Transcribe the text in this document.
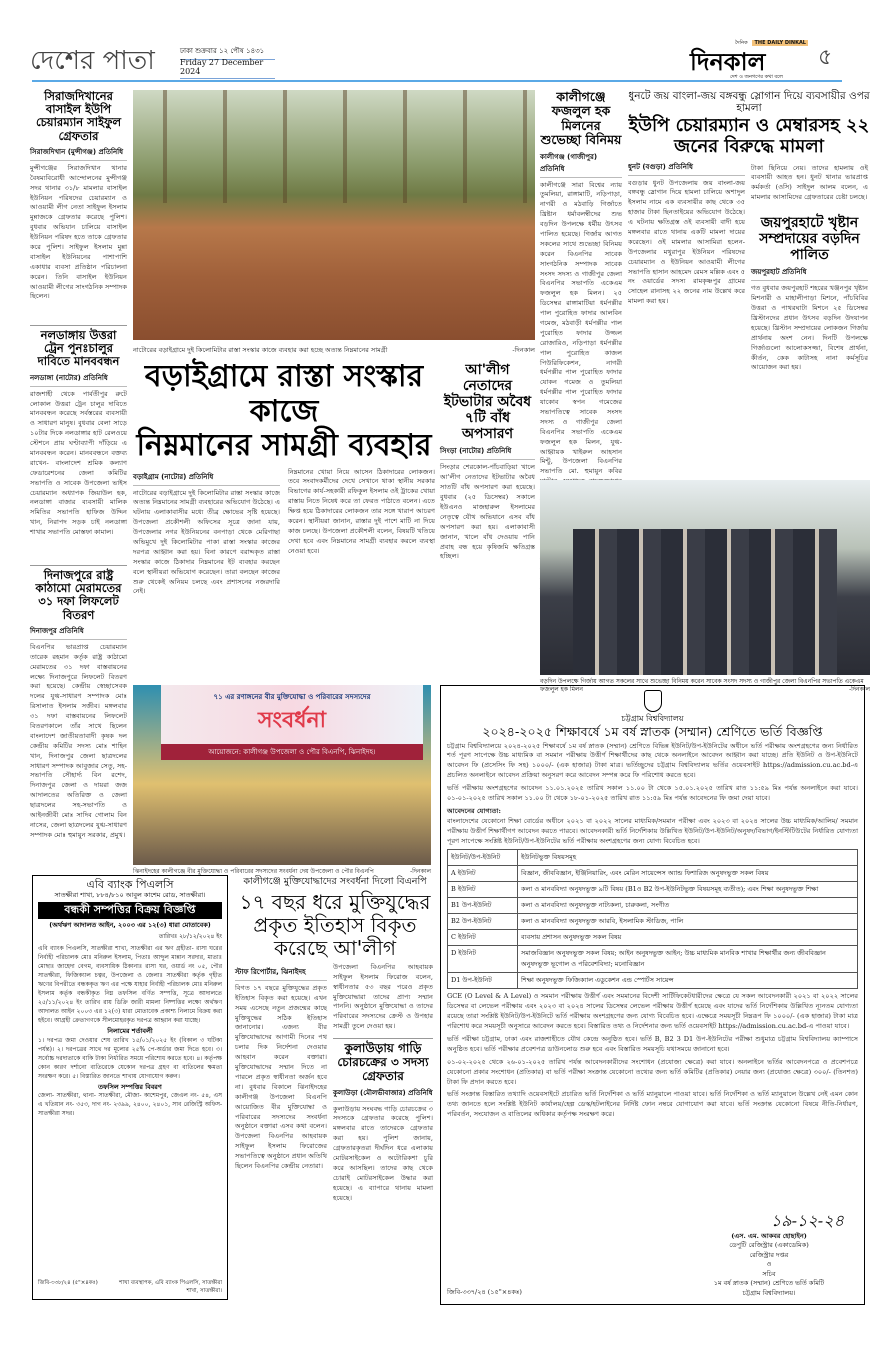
দেশের পাতা	ঢাকা শুক্রবার ১২ পৌষ ১৪৩১
Friday 27 December 2024
দৈনিক	THE DAILY DINKAL
দিনকাল
দেশ ও জনগণের কথা বলে
৫
সিরাজদিখানের বাসাইল ইউপি চেয়ারম্যান সাইফুল গ্রেফতার
সিরাজদিখান (মুন্সীগঞ্জ) প্রতিনিধি
মুন্সীগঞ্জের সিরাজদিখান থানার বৈষম্যবিরোধী আন্দোলনের মুন্সীগঞ্জ সদর থানার ৩১/৮ মামলার বাসাইল ইউনিয়ন পরিষদের চেয়ারম্যান ও আওয়ামী লীগ নেতা সাইফুল ইসলাম মুন্নাজকে গ্রেফতার করেছে পুলিশ। বুধবার অভিযান চালিয়ে বাসাইল ইউনিয়ন পরিষদ হতে তাকে গ্রেফতার করে পুলিশ। সাইফুল ইসলাম মুন্না বাসাইল ইউনিয়নের পাশাপাশি একাধার ব্যবসা প্রতিষ্ঠান পরিচালনা করেন। তিনি বাসাইল ইউনিয়ন আওয়ামী লীগের সাংগঠনিক সম্পাদক ছিলেন।
নলডাঙ্গায় উত্তরা ট্রেন পুনঃচালুর দাবিতে মানববন্ধন
নলডাঙ্গা (নাটোর) প্রতিনিধি
রাজশাহী থেকে পার্বতীপুর রুটে লোকাল উত্তরা ট্রেন চালুর দাবিতে মানববন্ধন করেছে সর্বস্তরের ব্যবসায়ী ও সাধারণ মানুষ। বুধবার বেলা সাড়ে ১০টার দিকে নলডাঙ্গার হাট রেলওয়ে স্টেশনে প্রায় ঘণ্টাব্যাপী দাঁড়িয়ে এ মানববন্ধন করেন। মানববন্ধনে বক্তব্য রাখেন- বাংলাদেশ শ্রমিক কল্যাণ ফেডারেশনের জেলা কমিটির সভাপতি ও সাবেক উপজেলা ভাইস চেয়ারম্যান অধ্যাপক জিয়াউল হক, নলডাঙ্গা বাজার ব্যবসায়ী মালিক সমিতির সভাপতি হাফিজ উদ্দিন খান, নিরাপদ সড়ক চাই নলডাঙ্গা শাখার সভাপতি মোস্তফা কামাল।
দিনাজপুরে রাষ্ট্র কাঠামো মেরামতের ৩১ দফা লিফলেট বিতরণ
দিনাজপুর প্রতিনিধি
বিএনপির ভারপ্রাপ্ত চেয়ারম্যান তারেক রহমান কর্তৃক রাষ্ট্র কাঠামো মেরামতের ৩১ দফা বাস্তবায়নের লক্ষ্যে দিনাজপুরে লিফলেট বিতরণ করা হয়েছে। কেন্দ্রীয় স্বেচ্ছাসেবক দলের যুগ্ম-সাধারণ সম্পাদক মোঃ রিসালাত ইসলাম সজীব। মঙ্গলবার ৩১ দফা বাস্তবায়নের লিফলেট বিতরণকালে তাঁর সাথে ছিলেন বাংলাদেশ জাতীয়তাবাদী কৃষক দল কেন্দ্রীয় কমিটির সদস্য মোঃ শাহিন খান, দিনাজপুর জেলা ছাত্রদলের সাধারণ সম্পাদক আবুজার সেতু, সহ-সভাপতি সৌহার্দ্য বিন রশেদ, দিনাজপুর জেলা ও দায়রা জজ আদালতের অতিরিক্ত ও জেলা ছাত্রদলের সহ-সভাপতি ও আইনজীবী মোঃ সাদিব গোলাম বিন নাসের, জেলা ছাত্রদলের যুগ্ম-সাধারণ সম্পাদক মোঃ হুমায়ুন সরকার, প্রমুখ।
নাটোরের বড়াইগ্রামে দুই কিলোমিটার রাস্তা সংস্কার কাজে ব্যবহার করা হচ্ছে অত্যন্ত নিম্নমানের সামগ্রী	-দিনকাল
বড়াইগ্রামে রাস্তা সংস্কার কাজে
নিম্নমানের সামগ্রী ব্যবহার
বড়াইগ্রাম (নাটোর) প্রতিনিধি
নাটোরের বড়াইগ্রামে দুই কিলোমিটার রাস্তা সংস্কার কাজে অত্যন্ত নিম্নমানের সামগ্রী ব্যবহারের অভিযোগ উঠেছে। এ ঘটনায় এলাকাবাসীর মধ্যে তীব্র ক্ষোভের সৃষ্টি হয়েছে। উপজেলা প্রকৌশলী অফিসের সূত্রে জানা যায়, উপজেলার নগর ইউনিয়নের বনপাড়া থেকে মেরিগাছা অভিমুখে দুই কিলোমিটার পাকা রাস্তা সংস্কার কাজের দরপত্র আহ্বান করা হয়। বিনা কারণে বরাদ্দকৃত রাস্তা সংস্কার কাজে ঠিকাদার নিম্নমানের ইট ব্যবহার করছেন বলে স্থানীয়রা অভিযোগ করেছেন। তারা বলছেন কাজের শুরু থেকেই অনিয়ম চলছে এবং প্রশাসনের নজরদারি নেই।
নিম্নমানের খোয়া নিয়ে আসেন ঠিকাদারের লোকজন। তবে সংবাদকর্মীদের দেখে সেখানে থাকা স্থানীয় সরকার বিভাগের কার্য-সহকারী রফিকুল ইসলাম ওই ট্রাকের খোয়া রাস্তায় নিতে নিষেধ করে তা ফেরত পাঠাতে বলেন। এতে ক্ষিপ্ত হয়ে ঠিকাদারের লোকজন তার সঙ্গে খারাপ আচরণ করেন। স্থানীয়রা জানান, রাস্তার দুই পাশে মাটি না দিয়ে কাজ চলছে। উপজেলা প্রকৌশলী বলেন, বিষয়টি খতিয়ে দেখা হবে এবং নিম্নমানের সামগ্রী ব্যবহার করলে ব্যবস্থা নেওয়া হবে।
আ'লীগ নেতাদের ইটভাটার অবৈধ ৭টি বাঁধ অপসারণ
সিংড়া (নাটোর) প্রতিনিধি
সিংড়ার শেরকোল-পাঁচবাড়িয়া খালে আ'লীগ নেতাদের ইটভাটার অবৈধ সাতটি বাঁধ অপসারণ করা হয়েছে। বুধবার (২৫ ডিসেম্বর) সকালে ইউএনও মাজহারুল ইসলামের নেতৃত্বে যৌথ অভিযানে এসব বাঁধ অপসারণ করা হয়। এলাকাবাসী জানান, খালে বাঁধ দেওয়ায় পানি প্রবাহ বন্ধ হয়ে কৃষিজমি ক্ষতিগ্রস্ত হচ্ছিল।
কালীগঞ্জে ফজলুল হক মিলনের শুভেচ্ছা বিনিময়
কালীগঞ্জ (গাজীপুর) প্রতিনিধি
কালীগঞ্জে সারা বিশ্বের ন্যায় তুমলিয়া, রাঙ্গামাটি, নড়িপাড়া, নাগরী ও মঠবাড়ি গির্জাতে খ্রিষ্টান ধর্মাবলম্বীদের শুভ বড়দিন উপলক্ষে ধর্মীয় উৎসব পালিত হয়েছে। গির্জায় আগত সকলের সাথে শুভেচ্ছা বিনিময় করেন বিএনপির সাবেক সাংগঠনিক সম্পাদক সাবেক সংসদ সদস্য ও গাজীপুর জেলা বিএনপির সভাপতি একেএম ফজলুল হক মিলন। ২৫ ডিসেম্বর রাঙ্গামাটিয়া ধর্মপল্লীর পাল পুরোহিত ফাদার আলবিন গমেজ, মঠবাড়ী ধর্মপল্লীর পাল পুরোহিত ফাদার উজ্জল রোজারিও, নড়িপাড়া ধর্মপল্লীর পাল পুরোহিত কাজল পিউরিফিকেশন, নাগরী ধর্মপল্লীর পাল পুরোহিত ফাদার যোকন গমেজ ও তুমলিয়া ধর্মপল্লীর পাল পুরোহিত ফাদার যাকোব স্বপন গমেজের সভাপতিত্বে সাবেক সংসদ সদস্য ও গাজীপুর জেলা বিএনপির সভাপতি একেএম ফজলুল হক মিলন, যুগ্ম-আহ্বায়ক খাইরুল আহসান মিন্টু, উপজেলা বিএনপির সভাপতি মো. হুমায়ুন কবির
ধুনটে জয় বাংলা-জয় বঙ্গবন্ধু স্লোগান দিয়ে ব্যবসায়ীর ওপর হামলা
ইউপি চেয়ারম্যান ও মেম্বারসহ ২২ জনের বিরুদ্ধে মামলা
ধুনট (বগুড়া) প্রতিনিধি
বগুড়ার ধুনট উপজেলায় জয় বাংলা-জয় বঙ্গবন্ধু স্লোগান দিয়ে হামলা চালিয়ে অশাদুল ইসলাম নামে এক ব্যবসায়ীর কাছ থেকে ৩৫ হাজার টাকা ছিনতাইয়ের অভিযোগ উঠেছে। এ ঘটনায় ক্ষতিগ্রস্ত ওই ব্যবসায়ী বাদী হয়ে মঙ্গলবার রাতে থানায় একটি মামলা দায়ের করেছেন। ওই মামলার আসামিরা হলেন- উপজেলার মথুরাপুর ইউনিয়ন পরিষদের চেয়ারম্যান ও ইউনিয়ন আওয়ামী লীগের সভাপতি হাসান আহমেদ রেমস মল্লিক এবং ৫ নং ওয়ার্ডের সদস্য রামকৃষ্ণপুর গ্রামের সোহেল রানাসহ ২২ জনের নাম উল্লেখ করে মামলা করা হয়।
টাকা ছিনিয়ে নেয়। তাদের হামলায় ওই ব্যবসায়ী আহত হন। ধুনট থানার ভারপ্রাপ্ত কর্মকর্তা (ওসি) সাইদুল আলম বলেন, এ মামলার আসামিদের গ্রেফতারের চেষ্টা চলছে।
জয়পুরহাটে খৃষ্টান সম্প্রদায়ের বড়দিন পালিত
জয়পুরহাট প্রতিনিধি
গত বুধবার জয়পুরহাট শহরের খঞ্জনপুর খৃষ্টান মিশনারী ও মাহালীপাড়া মিশনে, পাঁচবিবির উত্তরা ও পাথরঘাটা মিশনে ২৫ ডিসেম্বর খ্রিস্টানদের প্রধান উৎসব বড়দিন উদযাপন হয়েছে। খ্রিস্টান সম্প্রদায়ের লোকজন গির্জায় প্রার্থনায় অংশ নেন। দিনটি উপলক্ষে গির্জাগুলো আলোকসজ্জা, বিশেষ প্রার্থনা, কীর্তন, কেক কাটাসহ নানা কর্মসূচির আয়োজন করা হয়।
বড়দিন উপলক্ষে গির্জায় আগত সকলের সাথে শুভেচ্ছা বিনিময় করেন সাবেক সংসদ সদস্য ও গাজীপুর জেলা বিএনপির সভাপতি একেএম ফজলুল হক মিলন	-দিনকাল
৭১ এর রণাঙ্গনের বীর মুক্তিযোদ্ধা ও পরিবারের সদস্যদের
সংবর্ধনা
আয়োজনে: কালীগঞ্জ উপজেলা ও পৌর বিএনপি, ঝিনাইদহ।
ঝিনাইদহের কালীগঞ্জে বীর মুক্তিযোদ্ধা ও পরিবারের সদস্যদের সংবর্ধনা দেয় উপজেলা ও পৌর বিএনপি	-দিনকাল
চট্টগ্রাম বিশ্ববিদ্যালয়
২০২৪-২০২৫ শিক্ষাবর্ষে ১ম বর্ষ স্নাতক (সম্মান) শ্রেণিতে ভর্তি বিজ্ঞপ্তি
চট্টগ্রাম বিশ্ববিদ্যালয়ে ২০২৪-২০২৫ শিক্ষাবর্ষে ১ম বর্ষ স্নাতক (সম্মান) শ্রেণিতে বিভিন্ন ইউনিট/উপ-ইউনিটের অধীনে ভর্তি পরীক্ষায় অংশগ্রহণের জন্য নির্ধারিত শর্ত পূরণ সাপেক্ষে উচ্চ মাধ্যমিক বা সমমান পরীক্ষায় উত্তীর্ণ শিক্ষার্থীদের কাছ থেকে অনলাইনে আবেদন আহ্বান করা যাচ্ছে। প্রতি ইউনিট ও উপ-ইউনিটে আবেদন ফি (প্রসেসিং ফি সহ) ১০০০/- (এক হাজার) টাকা মাত্র। ভর্তিচ্ছুদের চট্টগ্রাম বিশ্ববিদ্যালয় ভর্তির ওয়েবসাইট https://admission.cu.ac.bd-এ প্রচলিত অনলাইনে আবেদন প্রক্রিয়া অনুসরণ করে আবেদন সম্পন্ন করে ফি পরিশোধ করতে হবে।
ভর্তি পরীক্ষায় অংশগ্রহণের আবেদন ১১.০১.২০২৫ তারিখ সকাল ১১.০০ টা থেকে ১৫.০১.২০২৫ তারিখ রাত ১১:৫৯ মিঃ পর্যন্ত অনলাইনে করা যাবে। ০১-০১-২০২৫ তারিখ সকাল ১১.০০ টা থেকে ১৮-০১-২০২৫ তারিখ রাত ১১:৫৯ মিঃ পর্যন্ত আবেদনের ফি জমা দেয়া যাবে।
আবেদনের যোগ্যতা:
বাংলাদেশের যেকোনো শিক্ষা বোর্ডের অধীনে ২০২১ বা ২০২২ সালের মাধ্যমিক/সমমান পরীক্ষা এবং ২০২৩ বা ২০২৪ সালের উচ্চ মাধ্যমিক/আলিম/ সমমান পরীক্ষায় উত্তীর্ণ শিক্ষার্থীগণ আবেদন করতে পারবে। আবেদনকারী ভর্তি নির্দেশিকায় উল্লিখিত ইউনিট/উপ-ইউনিট/অনুষদ/বিভাগ/ইনস্টিটিউটের নির্ধারিত যোগ্যতা পূরণ সাপেক্ষে সংশ্লিষ্ট ইউনিট/উপ-ইউনিটের ভর্তি পরীক্ষায় অংশগ্রহণের জন্য যোগ্য বিবেচিত হবে।
ইউনিট/উপ-ইউনিট	ইউনিটভুক্ত বিষয়সমূহ
A ইউনিট	বিজ্ঞান, জীববিজ্ঞান, ইঞ্জিনিয়ারিং, এবং মেরিন সায়েন্সেস অ্যান্ড ফিশারিজ অনুষদভুক্ত সকল বিষয়
B ইউনিট	কলা ও মানববিদ্যা অনুষদভুক্ত ৯টি বিষয় (B1ও B2 উপ-ইউনিটভুক্ত বিষয়সমূহ ব্যতীত); এবং শিক্ষা অনুষদভুক্ত শিক্ষা
B1 উপ-ইউনিট	কলা ও মানববিদ্যা অনুষদভুক্ত নাট্যকলা, চারুকলা, সংগীত
B2 উপ-ইউনিট	কলা ও মানববিদ্যা অনুষদভুক্ত আরবি, ইসলামিক স্টাডিজ, পালি
C ইউনিট	ব্যবসায় প্রশাসন অনুষদভুক্ত সকল বিষয়
D ইউনিট	সমাজবিজ্ঞান অনুষদভুক্ত সকল বিষয়; আইন অনুষদভুক্ত আইন; উচ্চ মাধ্যমিক মানবিক শাখার শিক্ষার্থীর জন্য জীববিজ্ঞান অনুষদভুক্ত ভূগোল ও পরিবেশবিদ্যা; মনোবিজ্ঞান
D1 উপ-ইউনিট	শিক্ষা অনুষদভুক্ত ফিজিক্যাল এডুকেশন এন্ড স্পোর্টস সায়েন্স
GCE (O Level & A Level) ও সমমান পরীক্ষায় উত্তীর্ণ এবং সমমানের বিদেশী সার্টিফিকেটধারীদের ক্ষেত্রে যে সকল আবেদনকারী ২০২১ বা ২০২২ সালের ডিসেম্বর বা লেভেল পরীক্ষায় এবং ২০২৩ বা ২০২৪ সালের ডিসেম্বর লেভেল পরীক্ষায় উত্তীর্ণ হয়েছে এবং যাদের ভর্তি নির্দেশিকায় উল্লিখিত ন্যূনতম যোগ্যতা রয়েছে তারা সংশ্লিষ্ট ইউনিট/উপ-ইউনিটে ভর্তি পরীক্ষায় অংশগ্রহণের জন্য যোগ্য বিবেচিত হবে। এক্ষেত্রে সময়সূচী নিম্নরূপ ফি ১০০০/- (এক হাজার) টাকা মাত্র পরিশোধ করে সময়সূচী অনুসারে আবেদন করতে হবে। বিস্তারিত তথ্য ও নির্দেশনার জন্য ভর্তি ওয়েবসাইট https://admission.cu.ac.bd-এ পাওয়া যাবে।
ভর্তি পরীক্ষা চট্টগ্রাম, ঢাকা এবং রাজশাহীতে যৌথ কেন্দ্রে অনুষ্ঠিত হবে। ভর্তি B, B2 3 D1 উপ-ইউনিটের পরীক্ষা শুধুমাত্র চট্টগ্রাম বিশ্ববিদ্যালয় ক্যাম্পাসে অনুষ্ঠিত হবে। ভর্তি পরীক্ষার প্রবেশপত্র ডাউনলোড শুরু হবে এবং বিস্তারিত সময়সূচি যথাসময়ে জানানো হবে।
০১-০২-২০২৫ থেকে ২৬-০১-২০২৫ তারিখ পর্যন্ত আবেদনকারীদের সংশোধন (প্রযোজ্য ক্ষেত্রে) করা যাবে। অনলাইনে ভর্তির আবেদনপত্রে ও প্রবেশপত্রে যেকোনো প্রকার সংশোধন (প্রতিকার) বা ভর্তি পরীক্ষা সংক্রান্ত যেকোনো তথ্যের জন্য ভর্তি কমিটির (প্রতিকার) নেয়ার জন্য (প্রযোজ্য ক্ষেত্রে) ৩০০/- (তিনশত) টাকা ফি প্রদান করতে হবে।
ভর্তি সংক্রান্ত বিস্তারিত তথ্যাদি ওয়েবসাইটে প্রচারিত ভর্তি নির্দেশিকা ও ভর্তি ম্যানুয়ালে পাওয়া যাবে। ভর্তি নির্দেশিকা ও ভর্তি ম্যানুয়ালে উল্লেখ নেই এমন কোন তথ্য জানতে হলে সংশ্লিষ্ট ইউনিট কার্যালয়/হেল্প ডেস্ক/হটলাইনের নির্দিষ্ট ফোন নম্বরে যোগাযোগ করা যাবে। ভর্তি সংক্রান্ত যেকোনো বিষয়ে নীতি-নির্ধারণ, পরিবর্তন, সংযোজন ও বাতিলের অধিকার কর্তৃপক্ষ সংরক্ষণ করে।
১৯-১২-২৪
(এস. এম. আকবর হোছাইন)
ডেপুটি রেজিস্ট্রার (একাডেমিক)
রেজিস্ট্রার দপ্তর
ও
সচিব
১ম বর্ষ স্নাতক (সম্মান) শ্রেণিতে ভর্তি কমিটি
চট্টগ্রাম বিশ্ববিদ্যালয়।
জিবি-৩৩৭/২৪ (১৫"×৪কঃ)
এবি ব্যাংক পিএলসি
সাতক্ষীরা শাখা, ৮৮৪/৮১০ আবুল কাশেম রোড, সাতক্ষীরা।
বন্ধকী সম্পত্তির বিক্রয় বিজ্ঞপ্তি
(অর্থঋণ আদালত আইন, ২০০৩ এর ১২(৩) ধারা মোতাবেক)
তারিখঃ ২৮/১২/২০২৪ ইং
এবি ব্যাংক পিএলসি, সাতক্ষীরা শাখা, সাতক্ষীরা এর ঋণ গ্রহীতা- রাসা ঘরের নির্বাহী পরিচালক মোঃ মনিরুল ইসলাম, পিতাঃ আব্দুল মান্নান সরদার, মাতাঃ মোছাঃ জাহেদা বেগম, ব্যবসায়িক ঠিকানাঃ রাসা ঘর, ওয়ার্ড নং ০৫, পৌর সাতক্ষীরা, ফিজিক্যাল চত্বর, উপজেলা ও জেলাঃ সাতক্ষীরা কর্তৃক গৃহীত ঋণের বিপরীতে বন্ধককৃত ঋণ এর পক্ষে যাহার নির্বাহী পরিচালক মোঃ মনিরুল ইসলাম কর্তৃক বন্ধকীকৃত নিম্ন তফসিল বর্ণিত সম্পত্তি, সূত্রে আদালতে ২৫/১১/২০২৪ ইং তারিখ রায় ডিক্রি জারী মামলা নিষ্পত্তির লক্ষ্যে অর্থঋণ আদালত আইন ২০০৩ এর ১২(৩) ধারা মোতাবেক প্রকাশ্য নিলামে বিক্রয় করা হইবে। আগ্রহী ক্রেতাগণকে সীলমোহরকৃত দরপত্র আহ্বান করা যাচ্ছে।
নিলামের শর্তাবলী
১। দরপত্র জমা দেওয়ার শেষ তারিখ ১৫/০১/২০২৫ ইং (বিকাল ৩ ঘটিকা পর্যন্ত)। ২। দরপত্রের সাথে দর মূল্যের ২৫% পে-অর্ডার জমা দিতে হবে। ৩। সর্বোচ্চ দরদাতাকে বাকি টাকা নির্ধারিত সময়ে পরিশোধ করতে হবে। ৪। কর্তৃপক্ষ কোন কারণ দর্শানো ব্যতিরেকে যেকোন দরপত্র গ্রহণ বা বাতিলের ক্ষমতা সংরক্ষণ করে। ৫। বিস্তারিত জানতে শাখায় যোগাযোগ করুন।
তফসিল সম্পত্তির বিবরণ
জেলা- সাতক্ষীরা, থানা- সাতক্ষীরা, মৌজা- কাশেমপুর, জেএল নং- ৫৪, এস এ খতিয়ান নং- ৩৫৩, দাগ নং- ২৩৯৯, ২৪০০, ২৪০১, সাব রেজিস্ট্রি অফিস- সাতক্ষীরা সদর।
জিবি-৩৩৮/২৪ (৫"×৪কঃ)	শাখা ব্যবস্থাপক, এবি ব্যাংক পিএলসি, সাতক্ষীরা শাখা, সাতক্ষীরা।
কালীগঞ্জে মুক্তিযোদ্ধাদের সংবর্ধনা দিলো বিএনপি
১৭ বছর ধরে মুক্তিযুদ্ধের প্রকৃত ইতিহাস বিকৃত করেছে আ'লীগ
স্টাফ রিপোর্টার, ঝিনাইদহ
বিগত ১৭ বছরে মুক্তিযুদ্ধের প্রকৃত ইতিহাস বিকৃত করা হয়েছে। এখন সময় এসেছে নতুন প্রজন্মের কাছে মুক্তিযুদ্ধের সঠিক ইতিহাস জানানোর। এজন্য বীর মুক্তিযোদ্ধাদের আগামী দিনের পথ চলার দিক নির্দেশনা দেওয়ার আহবান করেন বক্তারা। মুক্তিযোদ্ধাদের সম্মান দিতে না পারলে প্রকৃত স্বাধীনতা অর্জন হবে না। বুধবার বিকালে ঝিনাইদহের কালীগঞ্জ উপজেলা বিএনপি আয়োজিত বীর মুক্তিযোদ্ধা ও পরিবারের সদস্যদের সংবর্ধনা অনুষ্ঠানে বক্তারা এসব কথা বলেন। উপজেলা বিএনপির আহবায়ক সাইফুল ইসলাম ফিরোজের সভাপতিত্বে অনুষ্ঠানে প্রধান অতিথি ছিলেন বিএনপির কেন্দ্রীয় নেতারা।
উপজেলা বিএনপির আহবায়ক সাইফুল ইসলাম ফিরোজ বলেন, স্বাধীনতার ৫৩ বছর পরেও প্রকৃত মুক্তিযোদ্ধারা তাদের প্রাপ্য সম্মান পাননি। অনুষ্ঠানে মুক্তিযোদ্ধা ও তাদের পরিবারের সদস্যদের ক্রেস্ট ও উপহার সামগ্রী তুলে দেওয়া হয়।
কুলাউড়ায় গাড়ি চোরচক্রের ৩ সদস্য গ্রেফতার
কুলাউড়া (মৌলভীবাজার) প্রতিনিধি
কুলাউড়ায় সংঘবদ্ধ গাড়ি চোরচক্রের ৩ সদস্যকে গ্রেফতার করেছে পুলিশ। মঙ্গলবার রাতে তাদেরকে গ্রেফতার করা হয়। পুলিশ জানায়, গ্রেফতারকৃতরা দীর্ঘদিন ধরে এলাকায় মোটরসাইকেল ও অটোরিকশা চুরি করে আসছিল। তাদের কাছ থেকে চোরাই মোটরসাইকেল উদ্ধার করা হয়েছে। এ ব্যাপারে থানায় মামলা হয়েছে।
